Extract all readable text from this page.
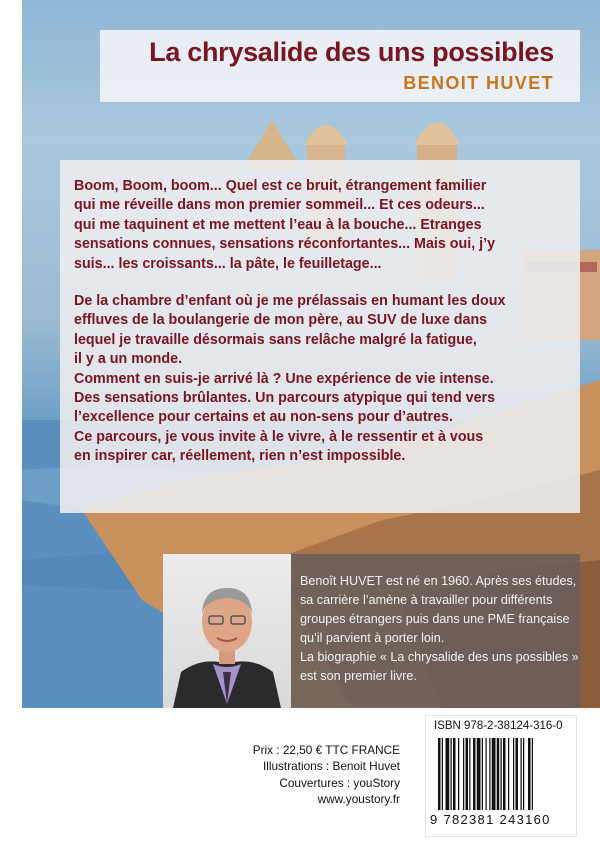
La chrysalide des uns possibles
BENOIT HUVET

Boom, Boom, boom... Quel est ce bruit, étrangement familier
qui me réveille dans mon premier sommeil... Et ces odeurs...
qui me taquinent et me mettent l’eau à la bouche... Etranges
sensations connues, sensations réconfortantes... Mais oui, j’y
suis... les croissants... la pâte, le feuilletage...

De la chambre d’enfant où je me prélassais en humant les doux
effluves de la boulangerie de mon père, au SUV de luxe dans
lequel je travaille désormais sans relâche malgré la fatigue,
il y a un monde.
Comment en suis-je arrivé là ? Une expérience de vie intense.
Des sensations brûlantes. Un parcours atypique qui tend vers
l’excellence pour certains et au non-sens pour d’autres.
Ce parcours, je vous invite à le vivre, à le ressentir et à vous
en inspirer car, réellement, rien n’est impossible.

Benoît HUVET est né en 1960. Après ses études,
sa carrière l’amène à travailler pour différents
groupes étrangers puis dans une PME française
qu’il parvient à porter loin.
La biographie « La chrysalide des uns possibles »
est son premier livre.
Prix : 22,50 € TTC FRANCE
Illustrations : Benoit Huvet
Couvertures : youStory
www.youstory.fr
ISBN 978-2-38124-316-0
9 782381 243160
